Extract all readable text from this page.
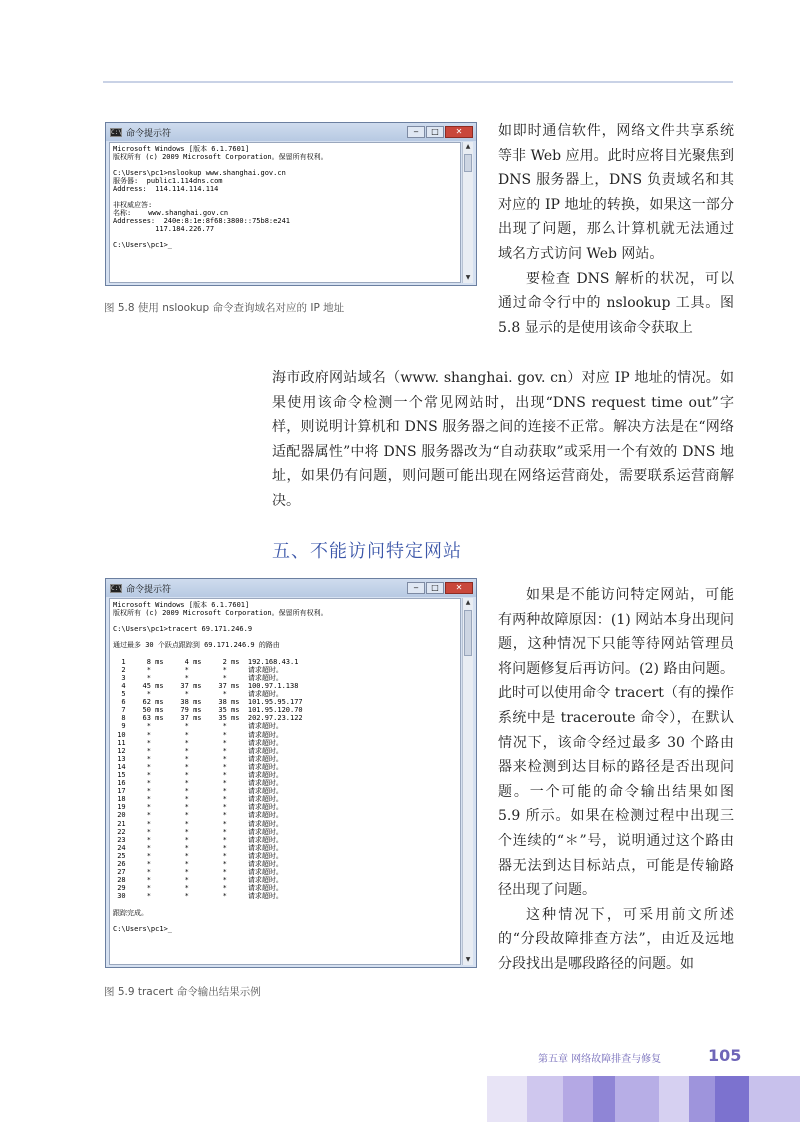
C:\ 命令提示符	‒	□	✕
Microsoft Windows [版本 6.1.7601]
版权所有 (c) 2009 Microsoft Corporation。保留所有权利。

C:\Users\pc1>nslookup www.shanghai.gov.cn
服务器:  public1.114dns.com
Address:  114.114.114.114

非权威应答:
名称:    www.shanghai.gov.cn
Addresses:  240e:8:1e:8f68:3800::75b8:e241
117.184.226.77

C:\Users\pc1>_
▲
▼
图 5.8 使用 nslookup 命令查询域名对应的 IP 地址

如即时通信软件，网络文件共享系统等非 Web 应用。此时应将目光聚焦到 DNS 服务器上，DNS 负责域名和其对应的 IP 地址的转换，如果这一部分出现了问题，那么计算机就无法通过域名方式访问 Web 网站。

要检查 DNS 解析的状况，可以通过命令行中的 nslookup 工具。图 5.8 显示的是使用该命令获取上

海市政府网站域名（www. shanghai. gov. cn）对应 IP 地址的情况。如果使用该命令检测一个常见网站时，出现“DNS request time out”字样，则说明计算机和 DNS 服务器之间的连接不正常。解决方法是在“网络适配器属性”中将 DNS 服务器改为“自动获取”或采用一个有效的 DNS 地址，如果仍有问题，则问题可能出现在网络运营商处，需要联系运营商解决。

五、不能访问特定网站
C:\ 命令提示符	‒	□	✕
Microsoft Windows [版本 6.1.7601]
版权所有 (c) 2009 Microsoft Corporation。保留所有权利。

C:\Users\pc1>tracert 69.171.246.9

通过最多 30 个跃点跟踪到 69.171.246.9 的路由

1     8 ms     4 ms     2 ms  192.168.43.1
2     *        *        *     请求超时。
3     *        *        *     请求超时。
4    45 ms    37 ms    37 ms  100.97.1.138
5     *        *        *     请求超时。
6    62 ms    38 ms    38 ms  101.95.95.177
7    50 ms    79 ms    35 ms  101.95.120.70
8    63 ms    37 ms    35 ms  202.97.23.122
9     *        *        *     请求超时。
10     *        *        *     请求超时。
11     *        *        *     请求超时。
12     *        *        *     请求超时。
13     *        *        *     请求超时。
14     *        *        *     请求超时。
15     *        *        *     请求超时。
16     *        *        *     请求超时。
17     *        *        *     请求超时。
18     *        *        *     请求超时。
19     *        *        *     请求超时。
20     *        *        *     请求超时。
21     *        *        *     请求超时。
22     *        *        *     请求超时。
23     *        *        *     请求超时。
24     *        *        *     请求超时。
25     *        *        *     请求超时。
26     *        *        *     请求超时。
27     *        *        *     请求超时。
28     *        *        *     请求超时。
29     *        *        *     请求超时。
30     *        *        *     请求超时。

跟踪完成。

C:\Users\pc1>_
▲
▼
图 5.9 tracert 命令输出结果示例

如果是不能访问特定网站，可能有两种故障原因：(1) 网站本身出现问题，这种情况下只能等待网站管理员将问题修复后再访问。(2) 路由问题。此时可以使用命令 tracert（有的操作系统中是 traceroute 命令），在默认情况下，该命令经过最多 30 个路由器来检测到达目标的路径是否出现问题。一个可能的命令输出结果如图 5.9 所示。如果在检测过程中出现三个连续的“＊”号，说明通过这个路由器无法到达目标站点，可能是传输路径出现了问题。

这种情况下，可采用前文所述的“分段故障排查方法”，由近及远地分段找出是哪段路径的问题。如

第五章 网络故障排查与修复	105
